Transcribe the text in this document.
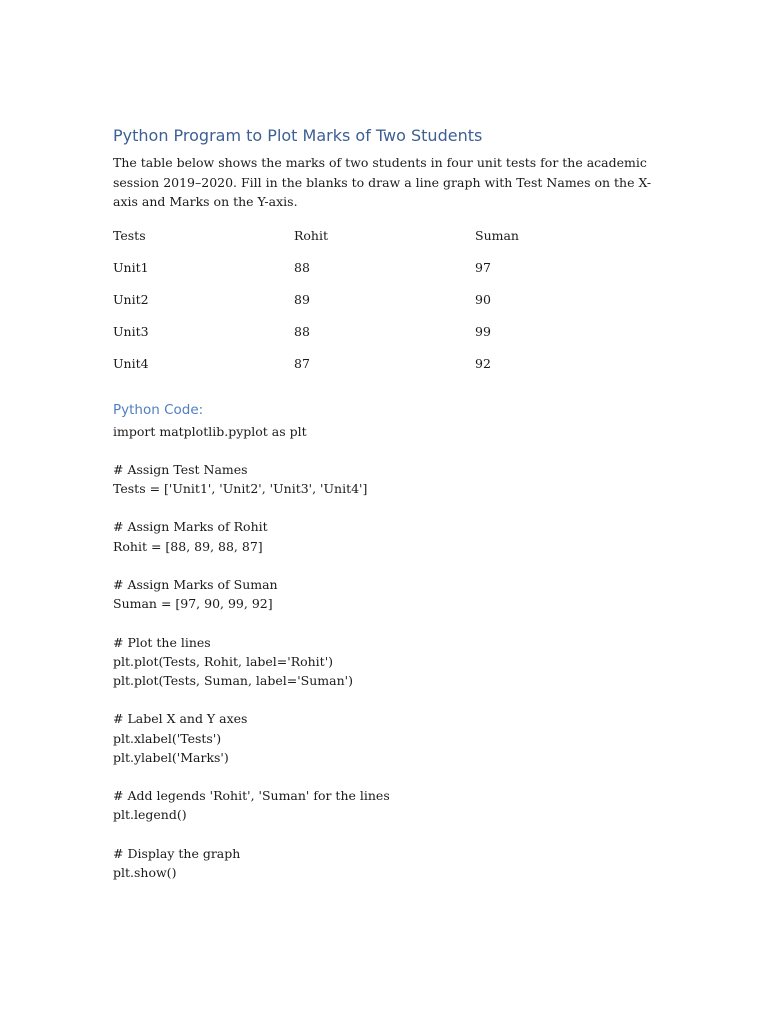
Python Program to Plot Marks of Two Students

The table below shows the marks of two students in four unit tests for the academic session 2019–2020. Fill in the blanks to draw a line graph with Test Names on the X-axis and Marks on the Y-axis.

Tests	Rohit	Suman
Unit1	88	97
Unit2	89	90
Unit3	88	99
Unit4	87	92
Python Code:
import matplotlib.pyplot as plt
# Assign Test Names
Tests = ['Unit1', 'Unit2', 'Unit3', 'Unit4']
# Assign Marks of Rohit
Rohit = [88, 89, 88, 87]
# Assign Marks of Suman
Suman = [97, 90, 99, 92]
# Plot the lines
plt.plot(Tests, Rohit, label='Rohit')
plt.plot(Tests, Suman, label='Suman')
# Label X and Y axes
plt.xlabel('Tests')
plt.ylabel('Marks')
# Add legends 'Rohit', 'Suman' for the lines
plt.legend()
# Display the graph
plt.show()
